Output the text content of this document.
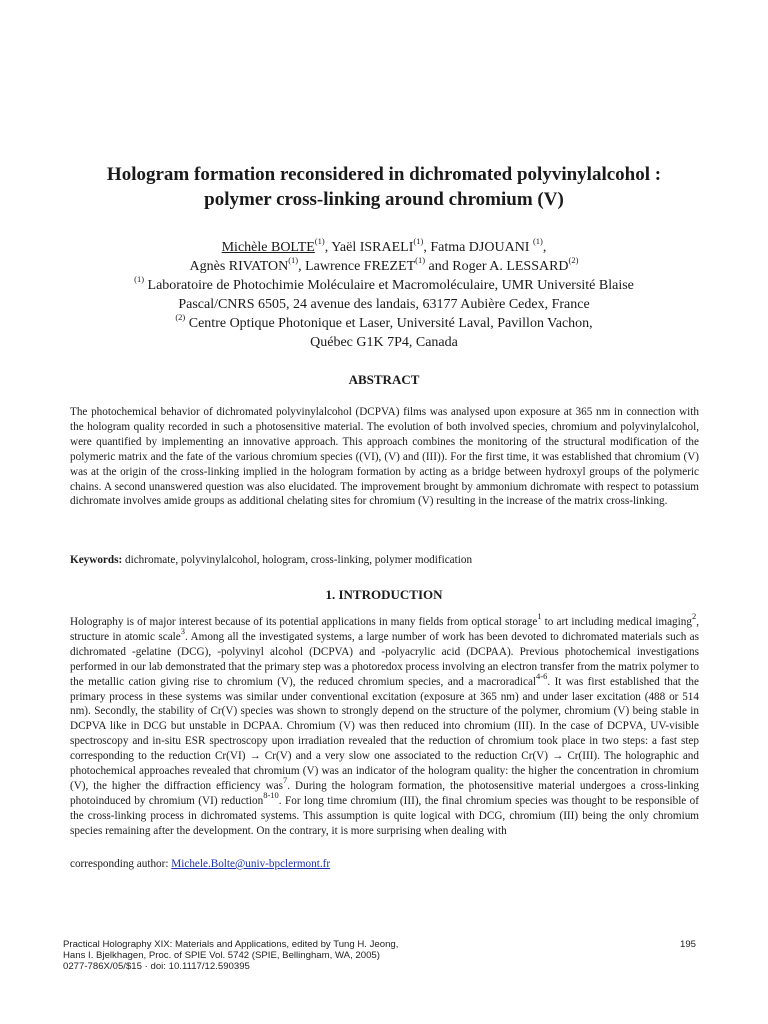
Hologram formation reconsidered in dichromated polyvinylalcohol :
polymer cross-linking around chromium (V)
Michèle BOLTE$^{(1)}$, Yaël ISRAELI$^{(1)}$, Fatma DJOUANI $^{(1)}$,
Agnès RIVATON$^{(1)}$, Lawrence FREZET$^{(1)}$ and Roger A. LESSARD$^{(2)}$
$^{(1)}$ Laboratoire de Photochimie Moléculaire et Macromoléculaire, UMR Université Blaise
Pascal/CNRS 6505, 24 avenue des landais, 63177 Aubière Cedex, France
$^{(2)}$ Centre Optique Photonique et Laser, Université Laval, Pavillon Vachon,
Québec G1K 7P4, Canada
ABSTRACT
The photochemical behavior of dichromated polyvinylalcohol (DCPVA) films was analysed upon exposure at 365 nm in connection with the hologram quality recorded in such a photosensitive material. The evolution of both involved species, chromium and polyvinylalcohol, were quantified by implementing an innovative approach. This approach combines the monitoring of the structural modification of the polymeric matrix and the fate of the various chromium species ((VI), (V) and (III)). For the first time, it was established that chromium (V) was at the origin of the cross-linking implied in the hologram formation by acting as a bridge between hydroxyl groups of the polymeric chains. A second unanswered question was also elucidated. The improvement brought by ammonium dichromate with respect to potassium dichromate involves amide groups as additional chelating sites for chromium (V) resulting in the increase of the matrix cross-linking.
Keywords: dichromate, polyvinylalcohol, hologram, cross-linking, polymer modification
1. INTRODUCTION
Holography is of major interest because of its potential applications in many fields from optical storage$^1$ to art including medical imaging$^2$, structure in atomic scale$^3$. Among all the investigated systems, a large number of work has been devoted to dichromated materials such as dichromated -gelatine (DCG), -polyvinyl alcohol (DCPVA) and -polyacrylic acid (DCPAA). Previous photochemical investigations performed in our lab demonstrated that the primary step was a photoredox process involving an electron transfer from the matrix polymer to the metallic cation giving rise to chromium (V), the reduced chromium species, and a macroradical$^{4-6}$. It was first established that the primary process in these systems was similar under conventional excitation (exposure at 365 nm) and under laser excitation (488 or 514 nm). Secondly, the stability of Cr(V) species was shown to strongly depend on the structure of the polymer, chromium (V) being stable in DCPVA like in DCG but unstable in DCPAA. Chromium (V) was then reduced into chromium (III). In the case of DCPVA, UV-visible spectroscopy and in-situ ESR spectroscopy upon irradiation revealed that the reduction of chromium took place in two steps: a fast step corresponding to the reduction Cr(VI) → Cr(V) and a very slow one associated to the reduction Cr(V) → Cr(III). The holographic and photochemical approaches revealed that chromium (V) was an indicator of the hologram quality: the higher the concentration in chromium (V), the higher the diffraction efficiency was$^7$. During the hologram formation, the photosensitive material undergoes a cross-linking photoinduced by chromium (VI) reduction$^{8-10}$. For long time chromium (III), the final chromium species was thought to be responsible of the cross-linking process in dichromated systems. This assumption is quite logical with DCG, chromium (III) being the only chromium species remaining after the development. On the contrary, it is more surprising when dealing with
corresponding author: Michele.Bolte@univ-bpclermont.fr
Practical Holography XIX: Materials and Applications, edited by Tung H. Jeong,
Hans I. Bjelkhagen, Proc. of SPIE Vol. 5742 (SPIE, Bellingham, WA, 2005)
0277-786X/05/$15 · doi: 10.1117/12.590395
195
